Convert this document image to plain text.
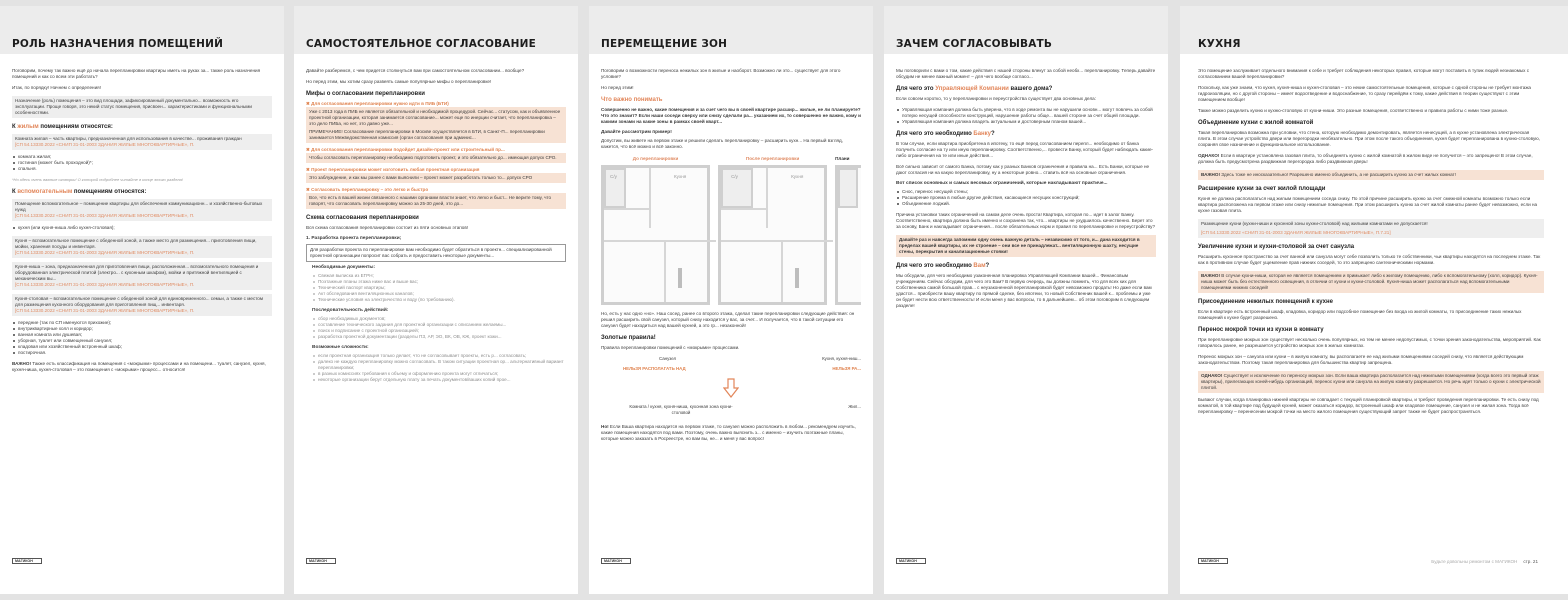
РОЛЬ НАЗНАЧЕНИЯ ПОМЕЩЕНИЙ
Поговорим, почему так важно ещё до начала перепланировки квартиры иметь на руках за... также роль назначения помещений и как со всем эти работать?
Итак, по порядку! Начнем с определения!
Назначение (роль) помещения – это вид площади, зафиксированный документально... возможность его эксплуатации. Проще говоря, это некий статус помещения, присвоен... характеристиками и функциональными особенностями.
К жилым помещениям относятся:
Комната жилая – часть квартиры, предназначенная для использования в качестве... проживания граждан
[СП 54.13330.2022 «СНИП 31-01-2003 ЗДАНИЯ ЖИЛЫЕ МНОГОКВАРТИРНЫЕ», П.
комната жилая;
гостиная (может быть проходной)*;
спальня.
*Но здесь очень важные оговорки! О которой подробнее читайте в конце этого раздела!
К вспомогательным помещениям относятся:
Помещение вспомогательное – помещение квартиры для обеспечения коммуникационн... и хозяйственно-бытовых нужд
[СП 54.13330.2022 «СНИП 31-01-2003 ЗДАНИЯ ЖИЛЫЕ МНОГОКВАРТИРНЫЕ», П.
кухня (или кухня-ниша либо кухня-столовая);
Кухня – вспомогательное помещение с обеденной зоной, а также место для размещения... приготовления пищи, мойки, хранения посуды и инвентаря.
[СП 54.13330.2022 «СНИП 31-01-2003 ЗДАНИЯ ЖИЛЫЕ МНОГОКВАРТИРНЫЕ», П.
Кухня-ниша – зона, предназначенная для приготовления пищи, расположенная... вспомогательного помещения и оборудованная электрической плитой (электро... с кухонным шкафом), мойки и притяжной вентиляцией с механическим вы...
[СП 54.13330.2022 «СНИП 31-01-2003 ЗДАНИЯ ЖИЛЫЕ МНОГОКВАРТИРНЫЕ», П.
Кухня-столовая – вспомогательное помещение с обеденной зоной для единовременного... семьи, а также с местом для размещения кухонного оборудования для приготовления пищ... инвентаря.
[СП 54.13330.2022 «СНИП 31-01-2003 ЗДАНИЯ ЖИЛЫЕ МНОГОКВАРТИРНЫЕ», П.
передние (так по СП именуются прихожие);
внутриквартирные холл и коридор;
ванная комната или душевая;
уборная, туалет или совмещенный санузел;
кладовая или хозяйственный встроенный шкаф;
постирочная.
ВАЖНО! Также есть классификация на помещения с «мокрыми» процессами и на помещени... туалет, санузел, кухня, кухня-ниша, кухня-столовая – это помещения с «мокрыми» процесс... относится!
МАГИКОН
САМОСТОЯТЕЛЬНОЕ СОГЛАСОВАНИЕ
Давайте разберемся, с чем придется столкнуться вам при самостоятельном согласовании... вообще?
Но перед этим, мы хотим сразу развеять самые популярные мифы о перепланировке!
Мифы о согласовании перепланировки
✖ Для согласования перепланировки нужно идти в ПИБ (БТИ)
Уже с 2013 года в ПИБ не является обязательной и необходимой процедурой. Сейчас... статусом, как и объявленное проектной организации, которая занимается согласование... может еще по инерции считает, что перепланировка – это дело ПИБа, но нет, это давно уже...
ПРИМЕЧАНИЕ! Согласование перепланировки в Москве осуществляется в БТИ, в Санкт-П... перепланировки занимается Межведомственная комиссия (орган согласования при админис...
✖ Для согласования перепланировки подойдет дизайн-проект или строительный пр...
Чтобы согласовать перепланировку необходимо подготовить проект, и это обязательно до... имеющая допуск СРО.
✖ Проект перепланировки может изготовить любая проектная организация
Это заблуждение, и как мы ранее с вами выяснили – проект может разработать только то... допуск СРО
✖ Согласовать перепланировку – это легко и быстро
Все, что есть в вашей жизни связанного с нашими органами власти знает, что легко и быст... Не верите тому, что говорят, что согласовать перепланировку можно за 25-30 дней, это до...
Схема согласования перепланировки
Вся схема согласования перепланировки состоит из пяти основных этапов!
1. Разработка проекта перепланировки;
Для разработки проекта по перепланировке вам необходимо будет обратиться в проектн... специализированной проектной организации попросит вас собрать и предоставить некоторые документы...
Необходимые документы:
Свежая выписка из ЕГРН;
Поэтажные планы этажа ниже вас и выше вас;
Технический паспорт квартиры;
Акт обследования вентиляционных каналов;
Технические условия на электричество и воду (по требованию).
Последовательность действий:
сбор необходимых документов;
составление технического задания для проектной организации с описанием желаемы...
поиск и подписание с проектной организацией;
разработка проектной документации (разделы ПЗ, АР, ЭО, ВК, ОВ, КЖ, проект кожи...
Возможные сложности:
если проектная организация только делает, что не согласовывает проекты, есть р... согласовать;
далеко не каждую перепланировку можно согласовать. В таком ситуации проектная ор... альтернативный вариант перепланировки;
в разных комиссиях требования к объему и оформлению проекта могут отличаться;
некоторые организации берут отдельную плату за печать документов/ваших копий прое...
МАГИКОН
ПЕРЕМЕЩЕНИЕ ЗОН
Поговорим о возможности переноса нежилых зон в жилые и наоборот. Возможно ли это... существует для этого условие?
Но перед этим!
Что важно понимать
Совершенно не важно, какие помещения и за счет чего вы в своей квартире расшир... жилые, не ли планируете? Что это значит? Если наши соседи сверху или снизу сделали ра... указанием их, то совершенно не важно, кому и какими зонами на какие зоны в рамках своей кварт...
Давайте рассмотрим пример!
Допустим, вы живете на первом этаже и решили сделать перепланировку – расширить кухн... На первый взгляд, кажется, что всё можно и всё законно.
До перепланировки
С/у	Кухня
После перепланировки
С/у	Кухня
Плани
Но, есть у нас одно «но». Наш сосед, ранее со второго этажа, сделал такие перепланировки следующие действия: он решил расширить свой санузел, который снизу находится у вас, за счет... И получается, что в такой ситуации его санузел будет находиться над вашей кухней, а это гр... незаконной!
Золотые правила!
Правила перепланировки помещений с «мокрыми» процессами.
Санузел	Кухня, кухня-ниш...
НЕЛЬЗЯ РАСПОЛАГАТЬ НАД	НЕЛЬЗЯ РА...
Комната / кухня, кухня-ниша, кухонная зона кухни-столовой
Жил...
Но! Если Ваша квартира находится на первом этаже, то санузел можно расположить в любом... рекомендуем изучить, какие помещения находятся под вами. Поэтому, очень важно выяснить з... с именно – изучить поэтажные планы, которые можно заказать в Росреестре, но вам вы, не... и меня у вас вопрос!
МАГИКОН
ЗАЧЕМ СОГЛАСОВЫВАТЬ
Мы поговорили с вами о том, какие действия с нашей стороны влекут за собой необх... перепланировку. Теперь давайте обсудим не менее важный момент – для чего вообще согласо...
Для чего это Управляющей Компании вашего дома?
Если совсем коротко, то у перепланировки и переустройства существует два основных дела:
Управляющая компания должна быть уверена, что в ходе ремонта вы не нарушили основн... могут повлечь за собой потерю несущей способности конструкций, нарушение работы обще... вашей стороне за счет общей площади.
Управляющая компания должна владеть актуальным и достоверным планом вашей...
Для чего это необходимо Банку?
В том случае, если квартира приобретена в ипотеку, то ещё перед согласованием перепл... необходимо от банка получить согласие на ту или иную перепланировку. Соответственно,... провести Банку, который будет наблюдать какие-либо ограничения на те или иные действия...
Всё сильно зависит от самого Банка, потому как у разных Банков ограничения и правила на... Есть Банки, которые не дают согласия ни на какую перепланировку, ну а некоторые ровно... ставить всё на основные ограничения.
Вот список основных и самых весомых ограничений, которые накладывают практиче...
Снос, перенос несущей стены;
Расширение проема в любые другие действия, касающиеся несущих конструкций;
Объединение лоджий.
Причина установки таких ограничений на самом деле очень проста! Квартира, которая по... идет в залог Банку. Соответственно, квартира должна быть именно и сохранена так, что... квартиры не ухудшилось качественно. Берет это за основу, Банк и накладывает ограничения... после обязательных норм и правил по перепланировке и переустройству?
Давайте раз и навсегда запомним одну очень важную деталь – независимо от того, и... дана находится в пределах вашей квартиры, их не строение – они все не принадлежат... вентиляционную шахту, несущие стены, перекрытия и канализационные стояки!
Для чего это необходимо Вам?
Мы обсудили, для чего необходимо узаконенная планировка Управляющей Компании вашей... Финансовым учреждениям. Сейчас обсудим, для чего это Вам? В первую очередь, вы должны помнить, что для всех ких для Собственника самой большой прав... с неузаконенной перепланировкой будет невозможно продать! Но даже если вам удастся... приобрести вашу квартиру по прямой сделке, без ипотеки, то новый Собственник вашей к... проблемы и уже он будет нести всю ответственность! И если меня у вас вопросы, то в дальнейшем... об этом поговорим в следующем разделе!
МАГИКОН
КУХНЯ
Это помещение заслуживает отдельного внимания к себе и требует соблюдения некоторых правил, которые могут поставить в тупик людей незнакомых с согласованием вашей перепланировки?
Поскольку, как уже знаем, что кухня, кухня-ниша и кухня-столовая – это некие самостоятельные помещения, которые с одной стороны не требует монтажа гидроизоляции, но с другой стороны – имеет водоотведение и водоснабжение, то сразу перейдём к тому, какие действия в теории существуют с этим помещением вообще!
Также можно разделить кухню и кухню-столовую от кухни-ниши. Это разные помещения, соответственно и правила работы с ними тоже разные.
Объединение кухни с жилой комнатой
Такая перепланировка возможна при условии, что стена, которую необходимо демонтировать, является ненесущей, а в кухне установлена электрическая плита. В этом случае устройство двери или перегородки необязательно. При этом после такого объединения, кухня будет перепланирована в кухню-столовую, сохраняя свое назначение и функциональное использование.
ОДНАКО! Если в квартире установлена газовая плита, то объединять кухню с жилой комнатой в жилом виде не получится – это запрещено! В этом случае, должна быть предусмотрена раздвижная перегородка либо раздвижная дверь!
ВАЖНО! Здесь тоже не иносказательно! Разрешено именно объединить, а не расширить кухню за счет жилых комнат!
Расширение кухни за счет жилой площади
Кухня не должна располагаться над жилым помещением соседа снизу. По этой причине расширить кухню за счет смежной комнаты возможно только если квартира расположена на первом этаже или снизу нежилые помещения. При этом расширить кухню за счет жилой комнаты ранее будет невозможно, если на кухне газовая плита.
Размещение кухни (кухни-ниши и кухонной зоны кухни-столовой) над жилыми комнатами не допускается!
[СП 54.13330.2022 «СНИП 31-01-2003 ЗДАНИЯ ЖИЛЫЕ МНОГОКВАРТИРНЫЕ», П.7.21]
Увеличение кухни и кухни-столовой за счет санузла
Расширить кухонное пространство за счет ванной или санузла могут себе позволить только те собственники, чьи квартиры находятся на последнем этаже. Так как в противном случае будет ущемление прав нижних соседей, то это запрещено сантехническими нормами.
ВАЖНО! В случае кухни-ниши, которая не является помещением и примыкает либо к жилому помещению, либо к вспомогательному (холл, коридор). Кухня-ниша может быть без естественного освещения, в отличии от кухни и кухни-столовой. Кухня-ниша может располагаться над вспомогательными помещениями нижних соседей!
Присоединение нежилых помещений к кухне
Если в квартире есть встроенный шкаф, кладовка, коридор или подсобное помещение без входа из жилой комнаты, то присоединение таких нежилых помещений к кухне будет разрешено.
Перенос мокрой точки из кухни в комнату
При перепланировке мокрых зон существует несколько очень популярных, но тем не менее недопустимых, с точки зрения законодательства, мероприятий. Как говорилось ранее, не разрешается устройство мокрых зон в жилых комнатах.
Перенос мокрых зон – санузла или кухни – в жилую комнату, вы располагаете ее над жилыми помещениями соседей снизу, что является действующим законодательством. Поэтому такая перепланировка для большинства квартир запрещена.
ОДНАКО! Существует и исключение по переносу мокрых зон. Если ваша квартира располагается над нежилыми помещениями (когда всего это первый этаж квартиры), прилегающих коней-нибудь организаций, перенос кухни или санузла на жилую комнату разрешается. Но речь идет только о кухни с электрической плитой.
Бывают случаи, когда планировка нижней квартиры не совпадает с текущей планировкой квартиры, и требуют проведения перепланировки. Те есть снизу под комнатой, в той квартире под будущей кухней, может оказаться коридор, встроенный шкаф или кладовое помещение, санузел и не жилая зона. Тогда всё перепланировку – перенесении мокрой точки на место жилого помещения существующий запрет также не будет распространяться.
МАГИКОН	Будьте довольны ремонтом с МАГИКОН стр. 21
